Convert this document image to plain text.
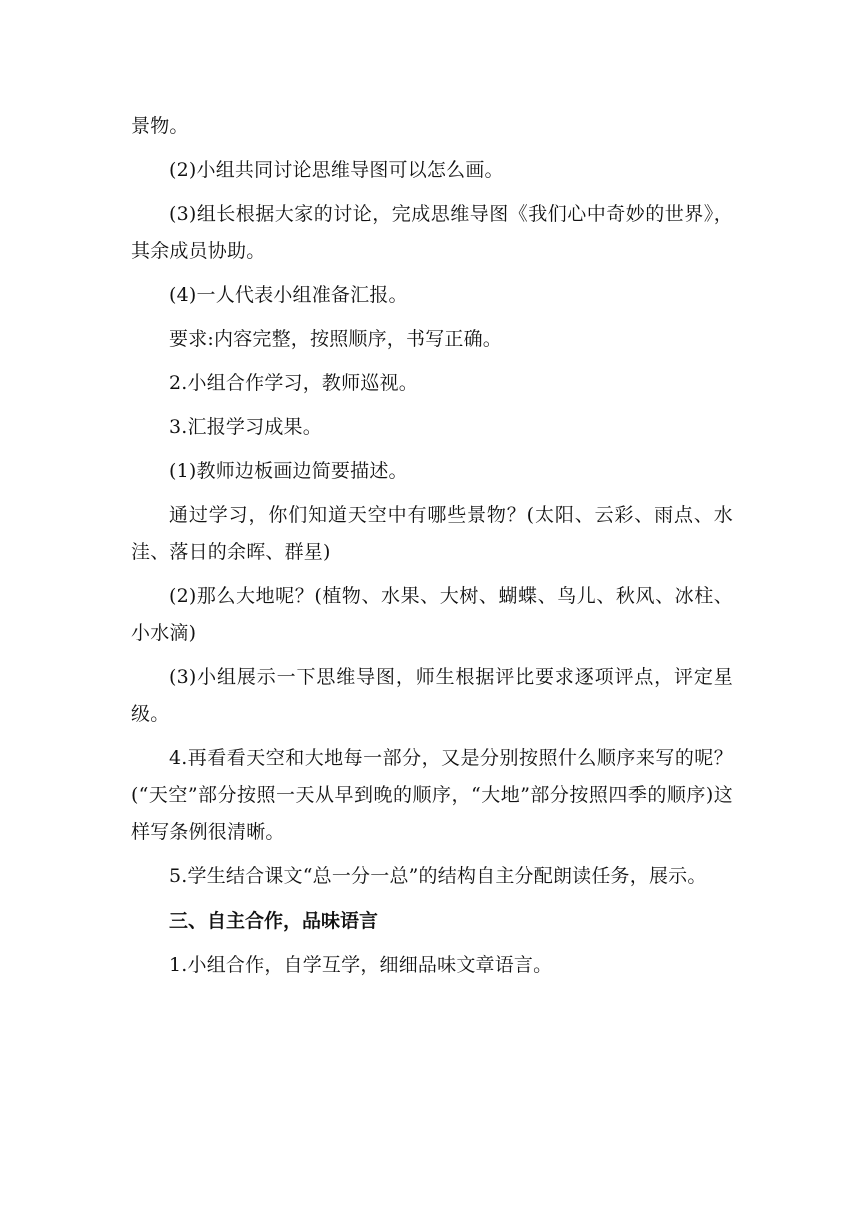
景物。

(2)小组共同讨论思维导图可以怎么画。

(3)组长根据大家的讨论，完成思维导图《我们心中奇妙的世界》，其余成员协助。

(4)一人代表小组准备汇报。

要求:内容完整，按照顺序，书写正确。

2.小组合作学习，教师巡视。

3.汇报学习成果。

(1)教师边板画边简要描述。

通过学习，你们知道天空中有哪些景物？(太阳、云彩、雨点、水洼、落日的余晖、群星)

(2)那么大地呢？(植物、水果、大树、蝴蝶、鸟儿、秋风、冰柱、小水滴)

(3)小组展示一下思维导图，师生根据评比要求逐项评点，评定星级。

4.再看看天空和大地每一部分，又是分别按照什么顺序来写的呢？(“天空”部分按照一天从早到晚的顺序，“大地”部分按照四季的顺序)这样写条例很清晰。

5.学生结合课文“总一分一总”的结构自主分配朗读任务，展示。

三、自主合作，品味语言

1.小组合作，自学互学，细细品味文章语言。
